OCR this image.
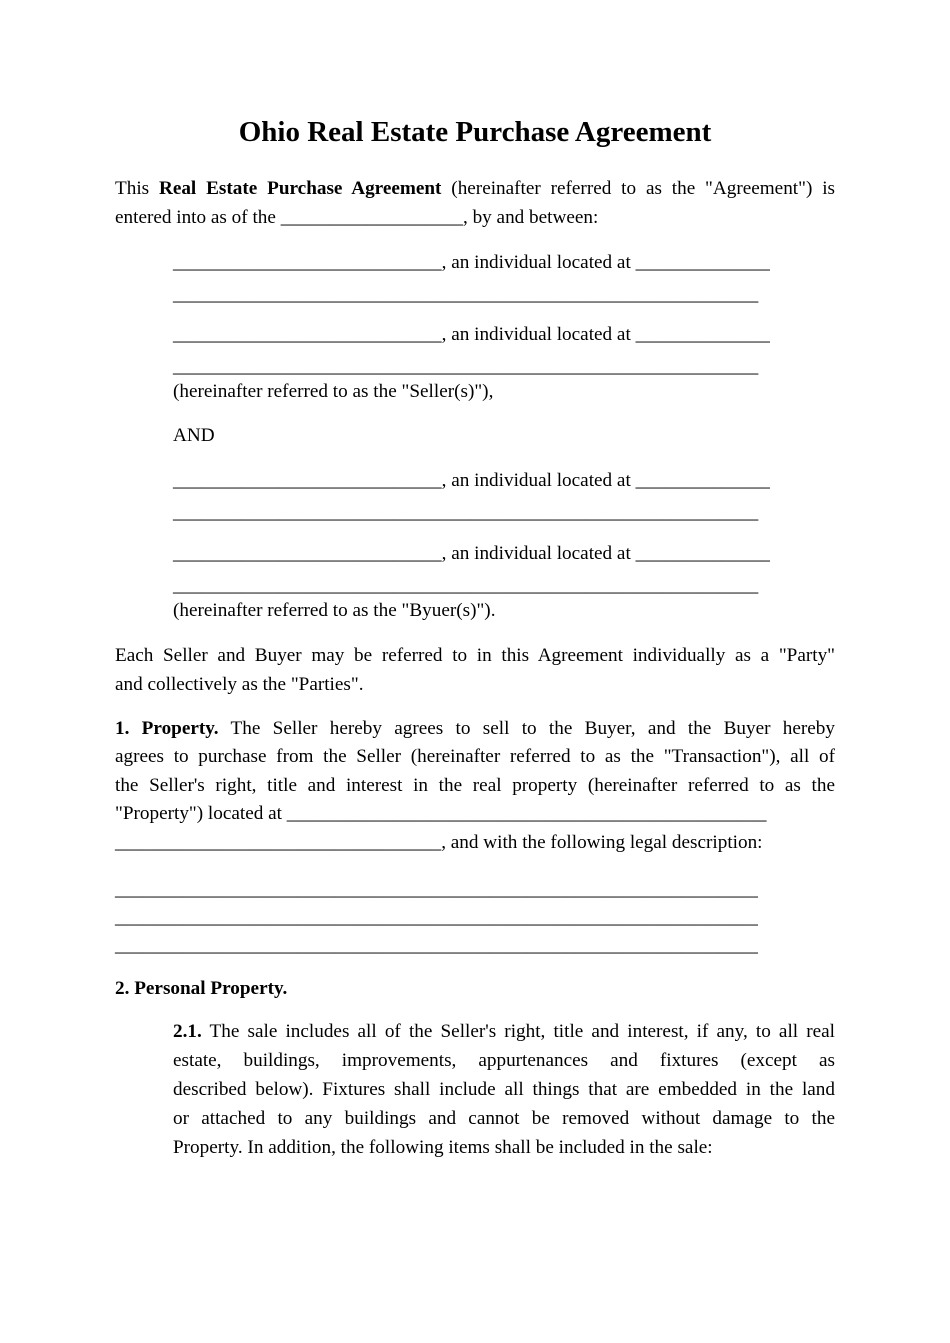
Ohio Real Estate Purchase Agreement
This Real Estate Purchase Agreement (hereinafter referred to as the "Agreement") is
entered into as of the ___________________, by and between:
____________________________, an individual located at ______________
_____________________________________________________________
____________________________, an individual located at ______________
_____________________________________________________________
(hereinafter referred to as the "Seller(s)"),
AND
____________________________, an individual located at ______________
_____________________________________________________________
____________________________, an individual located at ______________
_____________________________________________________________
(hereinafter referred to as the "Byuer(s)").
Each Seller and Buyer may be referred to in this Agreement individually as a "Party"
and collectively as the "Parties".
1. Property. The Seller hereby agrees to sell to the Buyer, and the Buyer hereby
agrees to purchase from the Seller (hereinafter referred to as the "Transaction"), all of
the Seller's right, title and interest in the real property (hereinafter referred to as the
"Property") located at __________________________________________________
__________________________________, and with the following legal description:
___________________________________________________________________
___________________________________________________________________
___________________________________________________________________
2. Personal Property.
2.1. The sale includes all of the Seller's right, title and interest, if any, to all real
estate, buildings, improvements, appurtenances and fixtures (except as
described below). Fixtures shall include all things that are embedded in the land
or attached to any buildings and cannot be removed without damage to the
Property. In addition, the following items shall be included in the sale:
